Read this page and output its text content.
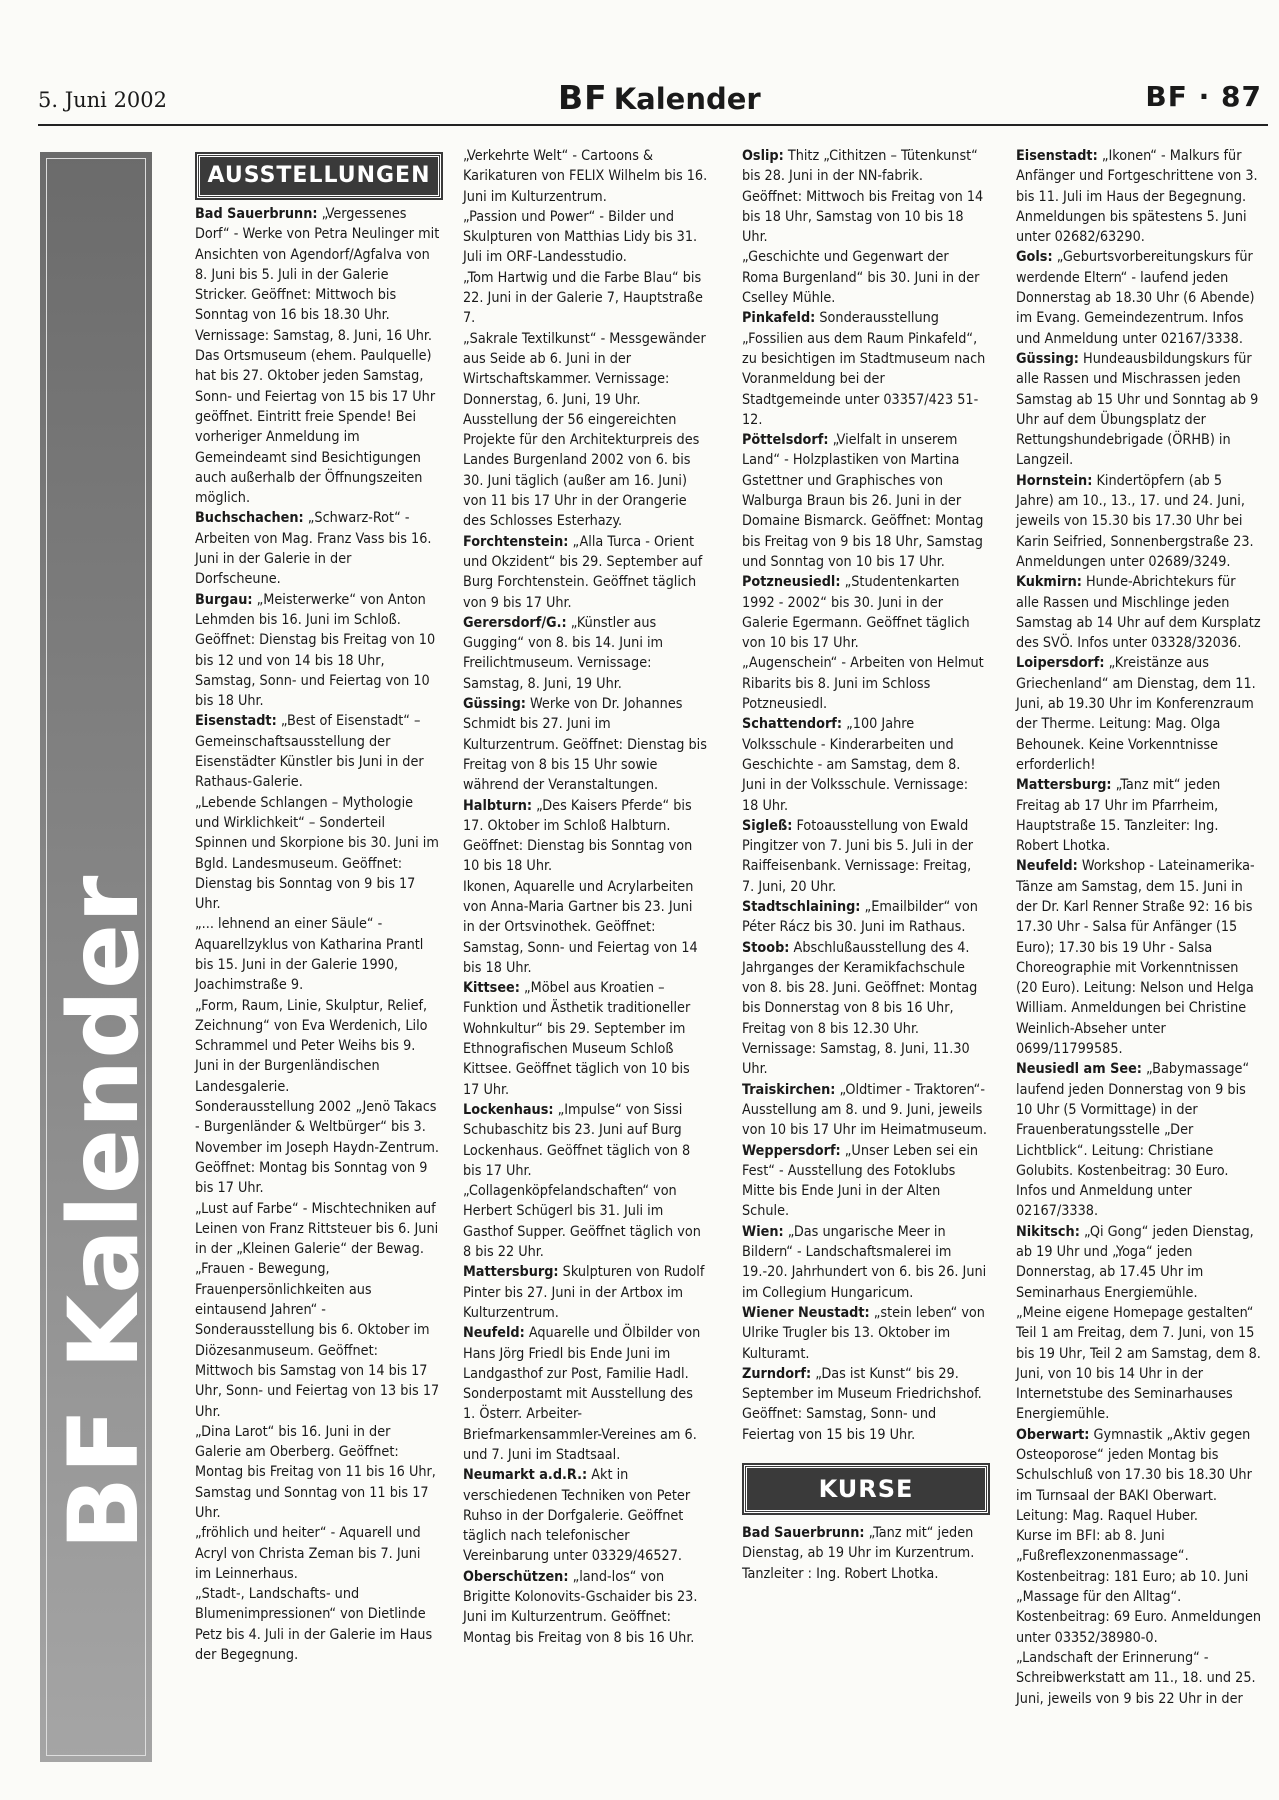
5. Juni 2002	BF Kalender	BF · 87
BFKalender
AUSSTELLUNGEN

Bad Sauerbrunn: „Vergessenes Dorf“ - Werke von Petra Neulinger mit Ansichten von Agendorf/Agfalva von 8. Juni bis 5. Juli in der Galerie Stricker. Geöffnet: Mittwoch bis Sonntag von 16 bis 18.30 Uhr. Vernissage: Samstag, 8. Juni, 16 Uhr.

Das Ortsmuseum (ehem. Paulquelle) hat bis 27. Oktober jeden Samstag, Sonn- und Feiertag von 15 bis 17 Uhr geöffnet. Eintritt freie Spende! Bei vorheriger Anmeldung im Gemeindeamt sind Besichtigungen auch außerhalb der Öffnungszeiten möglich.

Buchschachen: „Schwarz-Rot“ - Arbeiten von Mag. Franz Vass bis 16. Juni in der Galerie in der Dorfscheune.

Burgau: „Meisterwerke“ von Anton Lehmden bis 16. Juni im Schloß. Geöffnet: Dienstag bis Freitag von 10 bis 12 und von 14 bis 18 Uhr, Samstag, Sonn- und Feiertag von 10 bis 18 Uhr.

Eisenstadt: „Best of Eisenstadt“ – Gemeinschaftsausstellung der Eisenstädter Künstler bis Juni in der Rathaus-Galerie.

„Lebende Schlangen – Mythologie und Wirklichkeit“ – Sonderteil Spinnen und Skorpione bis 30. Juni im Bgld. Landesmuseum. Geöffnet: Dienstag bis Sonntag von 9 bis 17 Uhr.

„... lehnend an einer Säule“ - Aquarellzyklus von Katharina Prantl bis 15. Juni in der Galerie 1990, Joachimstraße 9.

„Form, Raum, Linie, Skulptur, Relief, Zeichnung“ von Eva Werdenich, Lilo Schrammel und Peter Weihs bis 9. Juni in der Burgenländischen Landesgalerie.

Sonderausstellung 2002 „Jenö Takacs - Burgenländer & Weltbürger“ bis 3. November im Joseph Haydn-Zentrum. Geöffnet: Montag bis Sonntag von 9 bis 17 Uhr.

„Lust auf Farbe“ - Mischtechniken auf Leinen von Franz Rittsteuer bis 6. Juni in der „Kleinen Galerie“ der Bewag.

„Frauen - Bewegung, Frauenpersönlichkeiten aus eintausend Jahren“ - Sonderausstellung bis 6. Oktober im Diözesanmuseum. Geöffnet: Mittwoch bis Samstag von 14 bis 17 Uhr, Sonn- und Feiertag von 13 bis 17 Uhr.

„Dina Larot“ bis 16. Juni in der Galerie am Oberberg. Geöffnet: Montag bis Freitag von 11 bis 16 Uhr, Samstag und Sonntag von 11 bis 17 Uhr.

„fröhlich und heiter“ - Aquarell und Acryl von Christa Zeman bis 7. Juni im Leinnerhaus.

„Stadt-, Landschafts- und Blumenimpressionen“ von Dietlinde Petz bis 4. Juli in der Galerie im Haus der Begegnung.

„Verkehrte Welt“ - Cartoons & Karikaturen von FELIX Wilhelm bis 16. Juni im Kulturzentrum.

„Passion und Power“ - Bilder und Skulpturen von Matthias Lidy bis 31. Juli im ORF-Landesstudio.

„Tom Hartwig und die Farbe Blau“ bis 22. Juni in der Galerie 7, Hauptstraße 7.

„Sakrale Textilkunst“ - Messgewänder aus Seide ab 6. Juni in der Wirtschaftskammer. Vernissage: Donnerstag, 6. Juni, 19 Uhr.

Ausstellung der 56 eingereichten Projekte für den Architekturpreis des Landes Burgenland 2002 von 6. bis 30. Juni täglich (außer am 16. Juni) von 11 bis 17 Uhr in der Orangerie des Schlosses Esterhazy.

Forchtenstein: „Alla Turca - Orient und Okzident“ bis 29. September auf Burg Forchtenstein. Geöffnet täglich von 9 bis 17 Uhr.

Gerersdorf/G.: „Künstler aus Gugging“ von 8. bis 14. Juni im Freilichtmuseum. Vernissage: Samstag, 8. Juni, 19 Uhr.

Güssing: Werke von Dr. Johannes Schmidt bis 27. Juni im Kulturzentrum. Geöffnet: Dienstag bis Freitag von 8 bis 15 Uhr sowie während der Veranstaltungen.

Halbturn: „Des Kaisers Pferde“ bis 17. Oktober im Schloß Halbturn. Geöffnet: Dienstag bis Sonntag von 10 bis 18 Uhr.

Ikonen, Aquarelle und Acrylarbeiten von Anna-Maria Gartner bis 23. Juni in der Ortsvinothek. Geöffnet: Samstag, Sonn- und Feiertag von 14 bis 18 Uhr.

Kittsee: „Möbel aus Kroatien – Funktion und Ästhetik traditioneller Wohnkultur“ bis 29. September im Ethnografischen Museum Schloß Kittsee. Geöffnet täglich von 10 bis 17 Uhr.

Lockenhaus: „Impulse“ von Sissi Schubaschitz bis 23. Juni auf Burg Lockenhaus. Geöffnet täglich von 8 bis 17 Uhr.

„Collagenköpfelandschaften“ von Herbert Schügerl bis 31. Juli im Gasthof Supper. Geöffnet täglich von 8 bis 22 Uhr.

Mattersburg: Skulpturen von Rudolf Pinter bis 27. Juni in der Artbox im Kulturzentrum.

Neufeld: Aquarelle und Ölbilder von Hans Jörg Friedl bis Ende Juni im Landgasthof zur Post, Familie Hadl. Sonderpostamt mit Ausstellung des 1. Österr. Arbeiter-Briefmarkensammler-Vereines am 6. und 7. Juni im Stadtsaal.

Neumarkt a.d.R.: Akt in verschiedenen Techniken von Peter Ruhso in der Dorfgalerie. Geöffnet täglich nach telefonischer Vereinbarung unter 03329/46527.

Oberschützen: „land-los“ von Brigitte Kolonovits-Gschaider bis 23. Juni im Kulturzentrum. Geöffnet: Montag bis Freitag von 8 bis 16 Uhr.

Oslip: Thitz „Cithitzen – Tütenkunst“ bis 28. Juni in der NN-fabrik. Geöffnet: Mittwoch bis Freitag von 14 bis 18 Uhr, Samstag von 10 bis 18 Uhr.

„Geschichte und Gegenwart der Roma Burgenland“ bis 30. Juni in der Cselley Mühle.

Pinkafeld: Sonderausstellung „Fossilien aus dem Raum Pinkafeld“, zu besichtigen im Stadtmuseum nach Voranmeldung bei der Stadtgemeinde unter 03357/423 51-12.

Pöttelsdorf: „Vielfalt in unserem Land“ - Holzplastiken von Martina Gstettner und Graphisches von Walburga Braun bis 26. Juni in der Domaine Bismarck. Geöffnet: Montag bis Freitag von 9 bis 18 Uhr, Samstag und Sonntag von 10 bis 17 Uhr.

Potzneusiedl: „Studentenkarten 1992 - 2002“ bis 30. Juni in der Galerie Egermann. Geöffnet täglich von 10 bis 17 Uhr.

„Augenschein“ - Arbeiten von Helmut Ribarits bis 8. Juni im Schloss Potzneusiedl.

Schattendorf: „100 Jahre Volksschule - Kinderarbeiten und Geschichte - am Samstag, dem 8. Juni in der Volksschule. Vernissage: 18 Uhr.

Sigleß: Fotoausstellung von Ewald Pingitzer von 7. Juni bis 5. Juli in der Raiffeisenbank. Vernissage: Freitag, 7. Juni, 20 Uhr.

Stadtschlaining: „Emailbilder“ von Péter Rácz bis 30. Juni im Rathaus.

Stoob: Abschlußausstellung des 4. Jahrganges der Keramikfachschule von 8. bis 28. Juni. Geöffnet: Montag bis Donnerstag von 8 bis 16 Uhr, Freitag von 8 bis 12.30 Uhr. Vernissage: Samstag, 8. Juni, 11.30 Uhr.

Traiskirchen: „Oldtimer - Traktoren“- Ausstellung am 8. und 9. Juni, jeweils von 10 bis 17 Uhr im Heimatmuseum.

Weppersdorf: „Unser Leben sei ein Fest“ - Ausstellung des Fotoklubs Mitte bis Ende Juni in der Alten Schule.

Wien: „Das ungarische Meer in Bildern“ - Landschaftsmalerei im 19.-20. Jahrhundert von 6. bis 26. Juni im Collegium Hungaricum.

Wiener Neustadt: „stein leben“ von Ulrike Trugler bis 13. Oktober im Kulturamt.

Zurndorf: „Das ist Kunst“ bis 29. September im Museum Friedrichshof. Geöffnet: Samstag, Sonn- und Feiertag von 15 bis 19 Uhr.

KURSE

Bad Sauerbrunn: „Tanz mit“ jeden Dienstag, ab 19 Uhr im Kurzentrum. Tanzleiter : Ing. Robert Lhotka.

Eisenstadt: „Ikonen“ - Malkurs für Anfänger und Fortgeschrittene von 3. bis 11. Juli im Haus der Begegnung. Anmeldungen bis spätestens 5. Juni unter 02682/63290.

Gols: „Geburtsvorbereitungskurs für werdende Eltern“ - laufend jeden Donnerstag ab 18.30 Uhr (6 Abende) im Evang. Gemeindezentrum. Infos und Anmeldung unter 02167/3338.

Güssing: Hundeausbildungskurs für alle Rassen und Mischrassen jeden Samstag ab 15 Uhr und Sonntag ab 9 Uhr auf dem Übungsplatz der Rettungshundebrigade (ÖRHB) in Langzeil.

Hornstein: Kindertöpfern (ab 5 Jahre) am 10., 13., 17. und 24. Juni, jeweils von 15.30 bis 17.30 Uhr bei Karin Seifried, Sonnenbergstraße 23. Anmeldungen unter 02689/3249.

Kukmirn: Hunde-Abrichtekurs für alle Rassen und Mischlinge jeden Samstag ab 14 Uhr auf dem Kursplatz des SVÖ. Infos unter 03328/32036.

Loipersdorf: „Kreistänze aus Griechenland“ am Dienstag, dem 11. Juni, ab 19.30 Uhr im Konferenzraum der Therme. Leitung: Mag. Olga Behounek. Keine Vorkenntnisse erforderlich!

Mattersburg: „Tanz mit“ jeden Freitag ab 17 Uhr im Pfarrheim, Hauptstraße 15. Tanzleiter: Ing. Robert Lhotka.

Neufeld: Workshop - Lateinamerika-Tänze am Samstag, dem 15. Juni in der Dr. Karl Renner Straße 92: 16 bis 17.30 Uhr - Salsa für Anfänger (15 Euro); 17.30 bis 19 Uhr - Salsa Choreographie mit Vorkenntnissen (20 Euro). Leitung: Nelson und Helga William. Anmeldungen bei Christine Weinlich-Abseher unter 0699/11799585.

Neusiedl am See: „Babymassage“ laufend jeden Donnerstag von 9 bis 10 Uhr (5 Vormittage) in der Frauenberatungsstelle „Der Lichtblick“. Leitung: Christiane Golubits. Kostenbeitrag: 30 Euro. Infos und Anmeldung unter 02167/3338.

Nikitsch: „Qi Gong“ jeden Dienstag, ab 19 Uhr und „Yoga“ jeden Donnerstag, ab 17.45 Uhr im Seminarhaus Energiemühle.

„Meine eigene Homepage gestalten“ Teil 1 am Freitag, dem 7. Juni, von 15 bis 19 Uhr, Teil 2 am Samstag, dem 8. Juni, von 10 bis 14 Uhr in der Internetstube des Seminarhauses Energiemühle.

Oberwart: Gymnastik „Aktiv gegen Osteoporose“ jeden Montag bis Schulschluß von 17.30 bis 18.30 Uhr im Turnsaal der BAKI Oberwart. Leitung: Mag. Raquel Huber.

Kurse im BFI: ab 8. Juni „Fußreflexzonenmassage“. Kostenbeitrag: 181 Euro; ab 10. Juni „Massage für den Alltag“. Kostenbeitrag: 69 Euro. Anmeldungen unter 03352/38980-0.

„Landschaft der Erinnerung“ - Schreibwerkstatt am 11., 18. und 25. Juni, jeweils von 9 bis 22 Uhr in der
